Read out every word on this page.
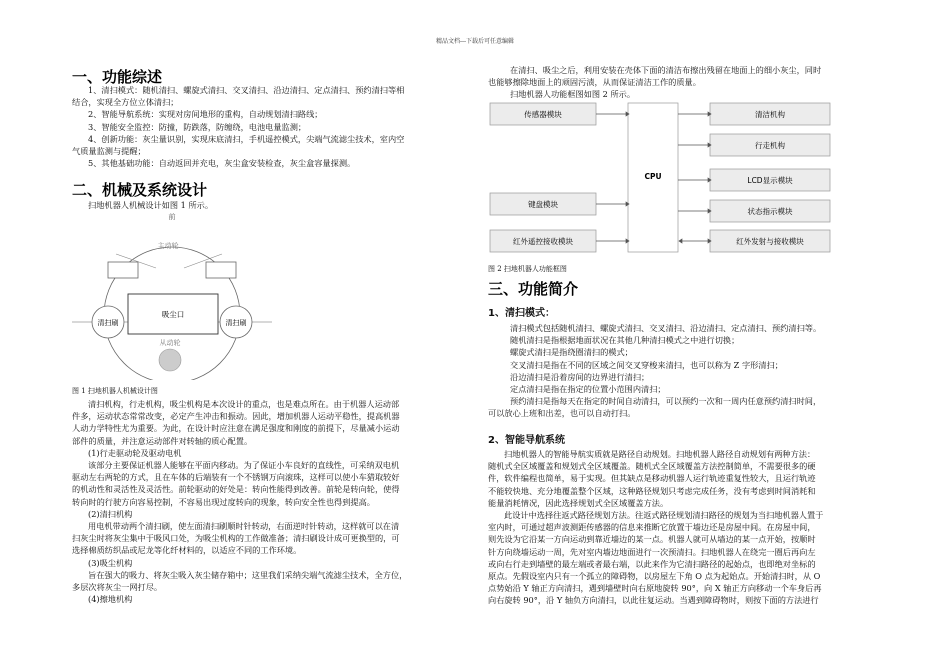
精品文档---下载后可任意编辑
一、功能综述
1、清扫模式：随机清扫、螺旋式清扫、交叉清扫、沿边清扫、定点清扫、预约清扫等相
结合，实现全方位立体清扫；
2、智能导航系统：实现对房间地形的重构，自动规划清扫路线；
3、智能安全监控：防撞，防跌落，防缠绕，电池电量监测；
4、创新功能：灰尘量识别，实现床底清扫，手机遥控模式，尖端气流滤尘技术，室内空
气质量监测与提醒；
5、其他基础功能：自动返回并充电，灰尘盒安装检查，灰尘盒容量探测。
二、机械及系统设计
扫地机器人机械设计如图 1 所示。
前
主动轮
清扫刷	清扫刷
吸尘口
从动轮
图 1 扫地机器人机械设计图
清扫机构，行走机构，吸尘机构是本次设计的重点，也是难点所在。由于机器人运动部
件多，运动状态常常改变，必定产生冲击和振动。因此，增加机器人运动平稳性，提高机器
人动力学特性尤为重要。为此，在设计时应注意在满足强度和刚度的前提下，尽量减小运动
部件的质量，并注意运动部件对转轴的质心配置。
(1)行走驱动轮及驱动电机
该部分主要保证机器人能够在平面内移动。为了保证小车良好的直线性，可采纳双电机
驱动左右两轮的方式，且在车体的后端装有一个不锈钢万向滚珠，这样可以使小车猎取较好
的机动性和灵活性及灵活性。前轮驱动的好处是：转向性能得到改善。前轮是转向轮，使得
转向时的行驶方向容易控制，不容易出现过度转向的现象，转向安全性也得到提高。
(2)清扫机构
用电机带动两个清扫刷，使左面清扫刷顺时针转动，右面逆时针转动，这样就可以在清
扫灰尘时将灰尘集中于吸风口处，为吸尘机构的工作做准备；清扫刷设计成可更换型的，可
选择棉质纺织品或尼龙等化纤材料的，以适应不同的工作环境。
(3)吸尘机构
旨在强大的吸力、将灰尘吸入灰尘储存箱中；这里我们采纳尖端气流滤尘技术，全方位，
多层次将灰尘一网打尽。
(4)擦地机构
在清扫、吸尘之后，利用安装在壳体下面的清洁布擦出残留在地面上的细小灰尘，同时
也能够擦除地面上的顽固污渍，从而保证清洁工作的质量。
扫地机器人功能框图如图 2 所示。
传感器模块
键盘模块
红外遥控接收模块
CPU
清洁机构
行走机构
LCD显示模块
状态指示模块
红外发射与接收模块
图 2 扫地机器人功能框图
三、功能简介
1、清扫模式：
清扫模式包括随机清扫、螺旋式清扫、交叉清扫、沿边清扫、定点清扫、预约清扫等。
随机清扫是指根据地面状况在其他几种清扫模式之中进行切换；
螺旋式清扫是指绕圈清扫的模式；
交叉清扫是指在不同的区域之间交叉穿梭来清扫，也可以称为 Z 字形清扫；
沿边清扫是沿着房间的边界进行清扫；
定点清扫是指在指定的位置小范围内清扫；
预约清扫是指每天在指定的时间自动清扫，可以预约一次和一周内任意预约清扫时间，
可以放心上班和出差，也可以自动打扫。
2、智能导航系统
扫地机器人的智能导航实质就是路径自动规划。扫地机器人路径自动规划有两种方法：
随机式全区域覆盖和规划式全区域覆盖。随机式全区域覆盖方法控制简单，不需要很多的硬
件，软件编程也简单，易于实现。但其缺点是移动机器人运行轨迹重复性较大，且运行轨迹
不能较快地、充分地覆盖整个区域，这种路径规划只考虑完成任务，没有考虑到时间消耗和
能量消耗情况，因此选择规划式全区域覆盖方法。
此设计中选择往返式路径规划方法。往返式路径规划清扫路径的规划为当扫地机器人置于
室内时，可通过超声波测距传感器的信息来推断它放置于墙边还是房屋中间。在房屋中间，
则先设为它沿某一方向运动到靠近墙边的某一点。机器人就可从墙边的某一点开始，按顺时
针方向绕墙运动一周，先对室内墙边地面进行一次预清扫。扫地机器人在绕完一圈后再向左
或向右行走到墙壁的最左端或者最右端，以此来作为它清扫路径的起始点，也即绝对坐标的
原点。先假设室内只有一个孤立的障碍物，以房屋左下角 O 点为起始点。开始清扫时，从 O
点势始沿 Y 轴正方向清扫，遇到墙壁时向右原地旋转 90°，向 X 轴正方向移动一个车身后再
向右旋转 90°，沿 Y 轴负方向清扫，以此往复运动。当遇到障碍物时，则按下面的方法进行
